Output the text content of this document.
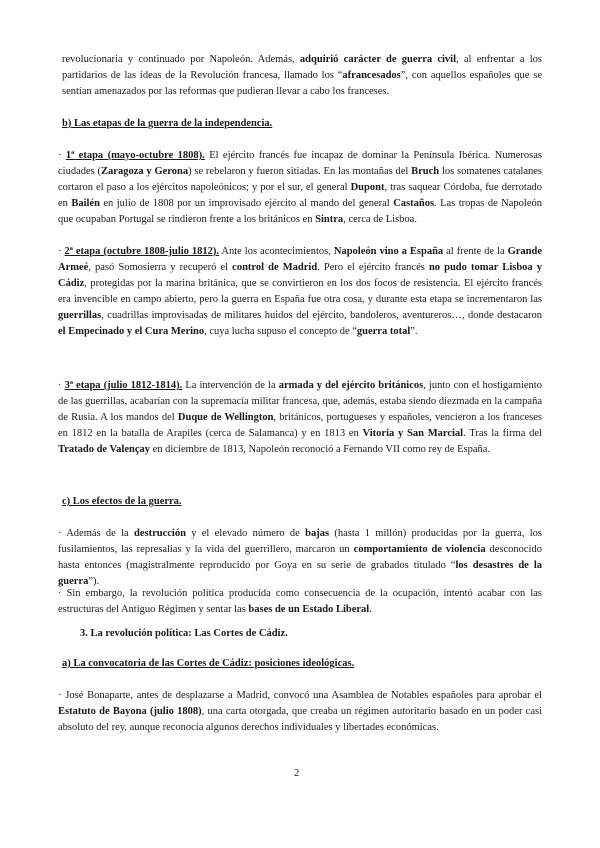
revolucionaria y continuado por Napoleón. Además, adquirió carácter de guerra civil, al enfrentar a los partidarios de las ideas de la Revolución francesa, llamado los “afrancesados”, con aquellos españoles que se sentían amenazados por las reformas que pudieran llevar a cabo los franceses.

b) Las etapas de la guerra de la independencia.

· 1ª etapa (mayo-octubre 1808). El ejército francés fue incapaz de dominar la Península Ibérica. Numerosas ciudades (Zaragoza y Gerona) se rebelaron y fueron sitiadas. En las montañas del Bruch los somatenes catalanes cortaron el paso a los ejércitos napoleónicos; y por el sur, el general Dupont, tras saquear Córdoba, fue derrotado en Bailén en julio de 1808 por un improvisado ejército al mando del general Castaños. Las tropas de Napoleón que ocupaban Portugal se rindieron frente a los británicos en Sintra, cerca de Lisboa.

· 2ª etapa (octubre 1808-julio 1812). Ante los acontecimientos, Napoleón vino a España al frente de la Grande Armeé, pasó Somosierra y recuperó el control de Madrid. Pero el ejército francés no pudo tomar Lisboa y Cádiz, protegidas por la marina británica, que se convirtieron en los dos focos de resistencia. El ejército francés era invencible en campo abierto, pero la guerra en España fue otra cosa, y durante esta etapa se incrementaron las guerrillas, cuadrillas improvisadas de militares huidos del ejército, bandoleros, aventureros…, donde destacaron el Empecinado y el Cura Merino, cuya lucha supuso el concepto de “guerra total”.

· 3ª etapa (julio 1812-1814). La intervención de la armada y del ejército británicos, junto con el hostigamiento de las guerrillas, acabarían con la supremacía militar francesa, que, además, estaba siendo diezmada en la campaña de Rusia. A los mandos del Duque de Wellington, británicos, portugueses y españoles, vencieron a los franceses en 1812 en la batalla de Arapiles (cerca de Salamanca) y en 1813 en Vitoria y San Marcial. Tras la firma del Tratado de Valençay en diciembre de 1813, Napoleón reconoció a Fernando VII como rey de España.

c) Los efectos de la guerra.

· Además de la destrucción y el elevado número de bajas (hasta 1 millón) producidas por la guerra, los fusilamientos, las represalias y la vida del guerrillero, marcaron un comportamiento de violencia desconocido hasta entonces (magistralmente reproducido por Goya en su serie de grabados titulado “los desastres de la guerra”).

· Sin embargo, la revolución política producida como consecuencia de la ocupación, intentó acabar con las estructuras del Antiguo Régimen y sentar las bases de un Estado Liberal.

3. La revolución política: Las Cortes de Cádiz.
a) La convocatoria de las Cortes de Cádiz: posiciones ideológicas.

· José Bonaparte, antes de desplazarse a Madrid, convocó una Asamblea de Notables españoles para aprobar el Estatuto de Bayona (julio 1808), una carta otorgada, que creaba un régimen autoritario basado en un poder casi absoluto del rey, aunque reconocía algunos derechos individuales y libertades económicas.

2
